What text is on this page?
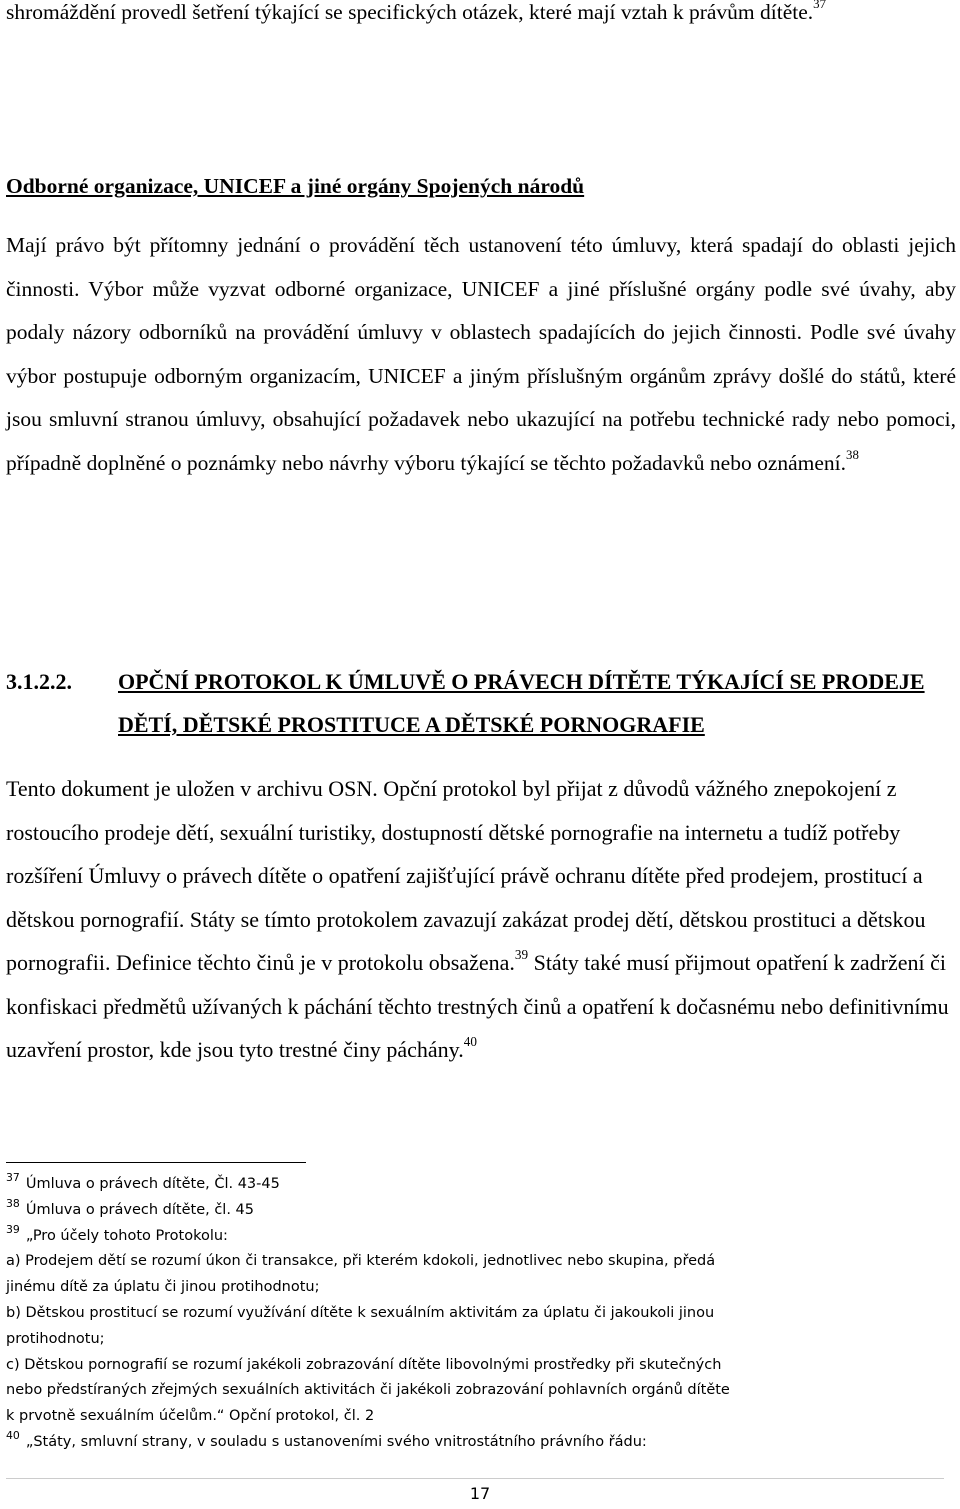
shromáždění provedl šetření týkající se specifických otázek, které mají vztah k právům dítěte.$^{37}$

Odborné organizace, UNICEF a jiné orgány Spojených národů

Mají právo být přítomny jednání o provádění těch ustanovení této úmluvy, která spadají do oblasti jejich činnosti. Výbor může vyzvat odborné organizace, UNICEF a jiné příslušné orgány podle své úvahy, aby podaly názory odborníků na provádění úmluvy v oblastech spadajících do jejich činnosti. Podle své úvahy výbor postupuje odborným organizacím, UNICEF a jiným příslušným orgánům zprávy došlé do států, které jsou smluvní stranou úmluvy, obsahující požadavek nebo ukazující na potřebu technické rady nebo pomoci, případně doplněné o poznámky nebo návrhy výboru týkající se těchto požadavků nebo oznámení.$^{38}$

3.1.2.2. OPČNÍ PROTOKOL K ÚMLUVĚ O PRÁVECH DÍTĚTE TÝKAJÍCÍ SE PRODEJE DĚTÍ, DĚTSKÉ PROSTITUCE A DĚTSKÉ PORNOGRAFIE

Tento dokument je uložen v archivu OSN. Opční protokol byl přijat z důvodů vážného znepokojení z rostoucího prodeje dětí, sexuální turistiky, dostupností dětské pornografie na internetu a tudíž potřeby rozšíření Úmluvy o právech dítěte o opatření zajišťující právě ochranu dítěte před prodejem, prostitucí a dětskou pornografií. Státy se tímto protokolem zavazují zakázat prodej dětí, dětskou prostituci a dětskou pornografii. Definice těchto činů je v protokolu obsažena.$^{39}$ Státy také musí přijmout opatření k zadržení či konfiskaci předmětů užívaných k páchání těchto trestných činů a opatření k dočasnému nebo definitivnímu uzavření prostor, kde jsou tyto trestné činy páchány.$^{40}$

$^{37}$ Úmluva o právech dítěte, Čl. 43-45
$^{38}$ Úmluva o právech dítěte, čl. 45
$^{39}$ „Pro účely tohoto Protokolu:
a) Prodejem dětí se rozumí úkon či transakce, při kterém kdokoli, jednotlivec nebo skupina, předá
jinému dítě za úplatu či jinou protihodnotu;
b) Dětskou prostitucí se rozumí využívání dítěte k sexuálním aktivitám za úplatu či jakoukoli jinou
protihodnotu;
c) Dětskou pornografií se rozumí jakékoli zobrazování dítěte libovolnými prostředky při skutečných
nebo předstíraných zřejmých sexuálních aktivitách či jakékoli zobrazování pohlavních orgánů dítěte
k prvotně sexuálním účelům.“ Opční protokol, čl. 2
$^{40}$ „Státy, smluvní strany, v souladu s ustanoveními svého vnitrostátního právního řádu:

17
